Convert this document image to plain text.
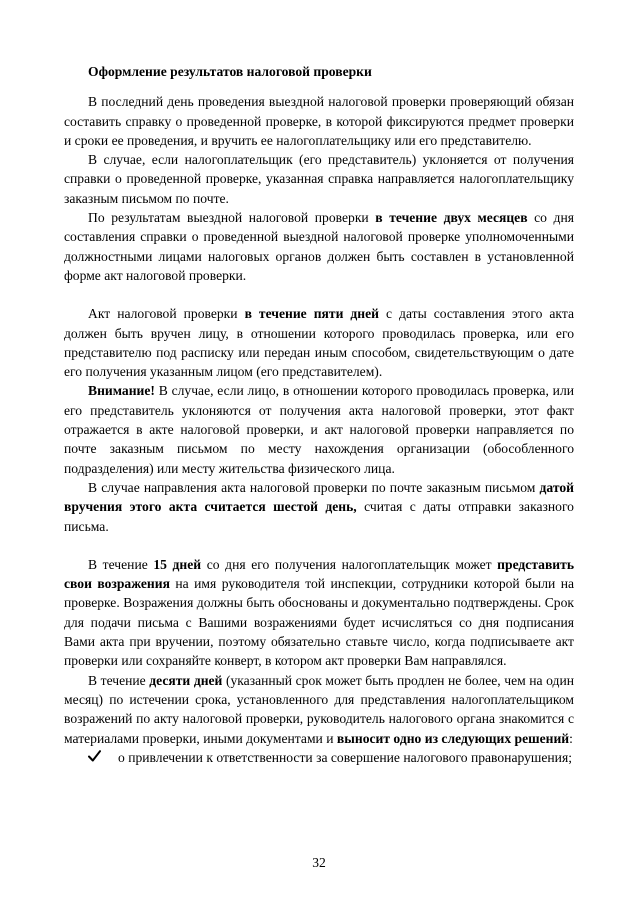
Оформление результатов налоговой проверки

В последний день проведения выездной налоговой проверки проверяющий обязан составить справку о проведенной проверке, в которой фиксируются предмет проверки и сроки ее проведения, и вручить ее налогоплательщику или его представителю.

В случае, если налогоплательщик (его представитель) уклоняется от получения справки о проведенной проверке, указанная справка направляется налогоплательщику заказным письмом по почте.

По результатам выездной налоговой проверки в течение двух месяцев со дня составления справки о проведенной выездной налоговой проверке уполномоченными должностными лицами налоговых органов должен быть составлен в установленной форме акт налоговой проверки.

Акт налоговой проверки в течение пяти дней с даты составления этого акта должен быть вручен лицу, в отношении которого проводилась проверка, или его представителю под расписку или передан иным способом, свидетельствующим о дате его получения указанным лицом (его представителем).

Внимание! В случае, если лицо, в отношении которого проводилась проверка, или его представитель уклоняются от получения акта налоговой проверки, этот факт отражается в акте налоговой проверки, и акт налоговой проверки направляется по почте заказным письмом по месту нахождения организации (обособленного подразделения) или месту жительства физического лица.

В случае направления акта налоговой проверки по почте заказным письмом датой вручения этого акта считается шестой день, считая с даты отправки заказного письма.

В течение 15 дней со дня его получения налогоплательщик может представить свои возражения на имя руководителя той инспекции, сотрудники которой были на проверке. Возражения должны быть обоснованы и документально подтверждены. Срок для подачи письма с Вашими возражениями будет исчисляться со дня подписания Вами акта при вручении, поэтому обязательно ставьте число, когда подписываете акт проверки или сохраняйте конверт, в котором акт проверки Вам направлялся.

В течение десяти дней (указанный срок может быть продлен не более, чем на один месяц) по истечении срока, установленного для представления налогоплательщиком возражений по акту налоговой проверки, руководитель налогового органа знакомится с материалами проверки, иными документами и выносит одно из следующих решений:

о привлечении к ответственности за совершение налогового правонарушения;

32
